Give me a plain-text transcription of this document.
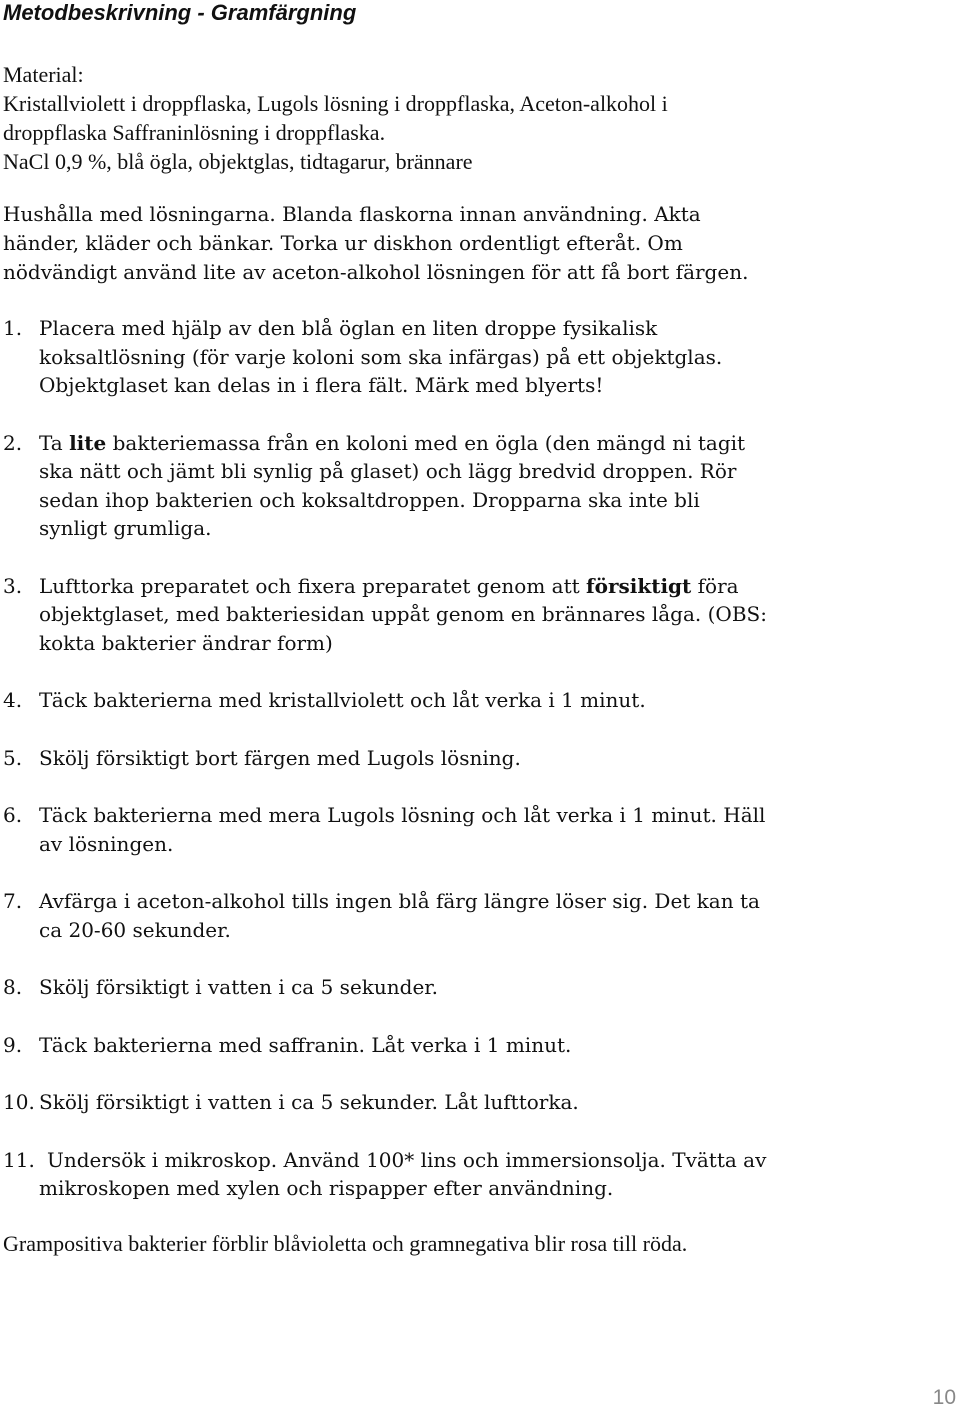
Metodbeskrivning - Gramfärgning
Material:
Kristallviolett i droppflaska, Lugols lösning i droppflaska, Aceton-alkohol i
droppflaska Saffraninlösning i droppflaska.
NaCl 0,9 %, blå ögla, objektglas, tidtagarur, brännare
Hushålla med lösningarna. Blanda flaskorna innan användning. Akta
händer, kläder och bänkar. Torka ur diskhon ordentligt efteråt. Om
nödvändigt använd lite av aceton-alkohol lösningen för att få bort färgen.
1. Placera med hjälp av den blå öglan en liten droppe fysikalisk
koksaltlösning (för varje koloni som ska infärgas) på ett objektglas.
Objektglaset kan delas in i flera fält. Märk med blyerts!
2. Ta lite bakteriemassa från en koloni med en ögla (den mängd ni tagit
ska nätt och jämt bli synlig på glaset) och lägg bredvid droppen. Rör
sedan ihop bakterien och koksaltdroppen. Dropparna ska inte bli
synligt grumliga.
3. Lufttorka preparatet och fixera preparatet genom att försiktigt föra
objektglaset, med bakteriesidan uppåt genom en brännares låga. (OBS:
kokta bakterier ändrar form)
4. Täck bakterierna med kristallviolett och låt verka i 1 minut.
5. Skölj försiktigt bort färgen med Lugols lösning.
6. Täck bakterierna med mera Lugols lösning och låt verka i 1 minut. Häll
av lösningen.
7. Avfärga i aceton-alkohol tills ingen blå färg längre löser sig. Det kan ta
ca 20-60 sekunder.
8. Skölj försiktigt i vatten i ca 5 sekunder.
9. Täck bakterierna med saffranin. Låt verka i 1 minut.
10. Skölj försiktigt i vatten i ca 5 sekunder. Låt lufttorka.
11. Undersök i mikroskop. Använd 100* lins och immersionsolja. Tvätta av
mikroskopen med xylen och rispapper efter användning.

Grampositiva bakterier förblir blåvioletta och gramnegativa blir rosa till röda.

10
